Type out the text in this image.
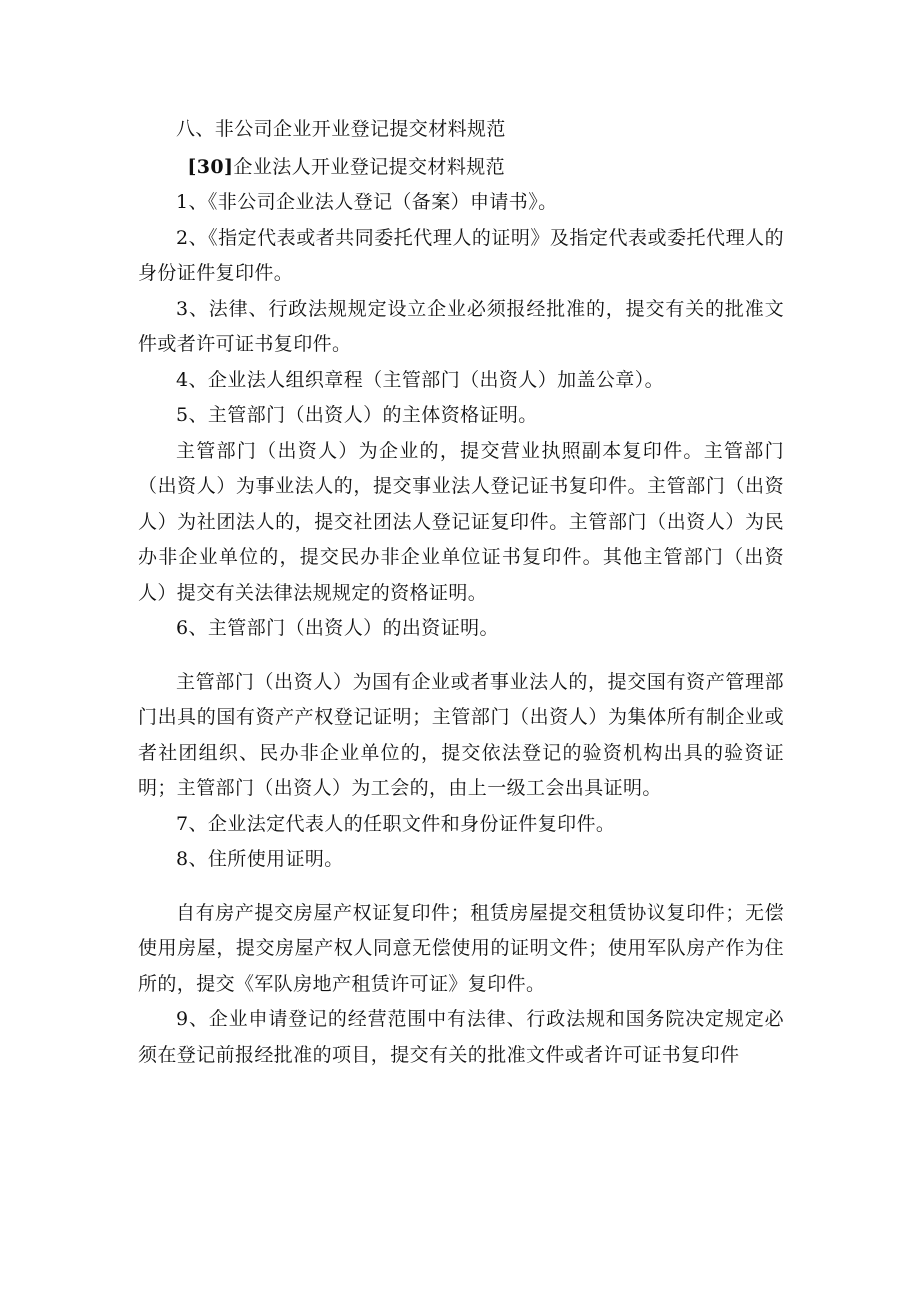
八、非公司企业开业登记提交材料规范

[30]企业法人开业登记提交材料规范

1、《非公司企业法人登记（备案）申请书》。

2、《指定代表或者共同委托代理人的证明》及指定代表或委托代理人的身份证件复印件。

3、法律、行政法规规定设立企业必须报经批准的，提交有关的批准文件或者许可证书复印件。

4、企业法人组织章程（主管部门（出资人）加盖公章）。

5、主管部门（出资人）的主体资格证明。

主管部门（出资人）为企业的，提交营业执照副本复印件。主管部门（出资人）为事业法人的，提交事业法人登记证书复印件。主管部门（出资人）为社团法人的，提交社团法人登记证复印件。主管部门（出资人）为民办非企业单位的，提交民办非企业单位证书复印件。其他主管部门（出资人）提交有关法律法规规定的资格证明。

6、主管部门（出资人）的出资证明。

主管部门（出资人）为国有企业或者事业法人的，提交国有资产管理部门出具的国有资产产权登记证明；主管部门（出资人）为集体所有制企业或者社团组织、民办非企业单位的，提交依法登记的验资机构出具的验资证明；主管部门（出资人）为工会的，由上一级工会出具证明。

7、企业法定代表人的任职文件和身份证件复印件。

8、住所使用证明。

自有房产提交房屋产权证复印件；租赁房屋提交租赁协议复印件；无偿使用房屋，提交房屋产权人同意无偿使用的证明文件；使用军队房产作为住所的，提交《军队房地产租赁许可证》复印件。

9、企业申请登记的经营范围中有法律、行政法规和国务院决定规定必须在登记前报经批准的项目，提交有关的批准文件或者许可证书复印件
